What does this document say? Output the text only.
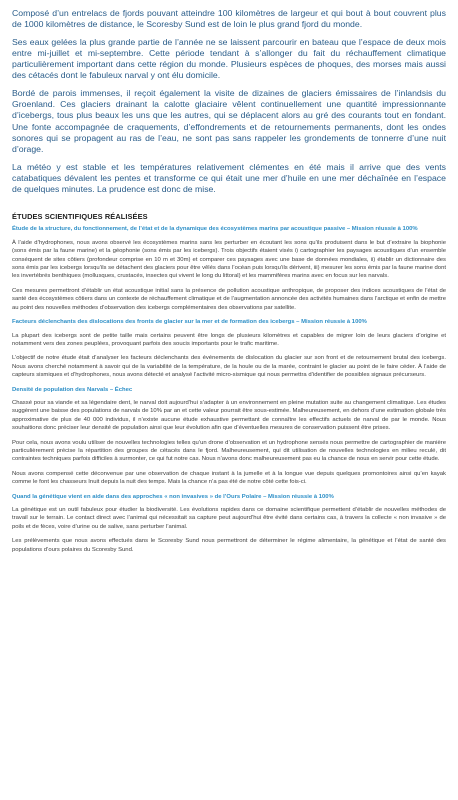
Composé d’un entrelacs de fjords pouvant atteindre 100 kilomètres de largeur et qui bout à bout couvrent plus de 1000 kilomètres de distance, le Scoresby Sund est de loin le plus grand fjord du monde.

Ses eaux gelées la plus grande partie de l’année ne se laissent parcourir en bateau que l’espace de deux mois entre mi-juillet et mi-septembre. Cette période tendant à s’allonger du fait du réchauffement climatique particulièrement important dans cette région du monde. Plusieurs espèces de phoques, des morses mais aussi des cétacés dont le fabuleux narval y ont élu domicile.

Bordé de parois immenses, il reçoit également la visite de dizaines de glaciers émissaires de l’inlandsis du Groenland. Ces glaciers drainant la calotte glaciaire vêlent continuellement une quantité impressionnante d’icebergs, tous plus beaux les uns que les autres, qui se déplacent alors au gré des courants tout en fondant. Une fonte accompagnée de craquements, d’effondrements et de retournements permanents, dont les ondes sonores qui se propagent au ras de l’eau, ne sont pas sans rappeler les grondements de tonnerre d’une nuit d’orage.

La météo y est stable et les températures relativement clémentes en été mais il arrive que des vents catabatiques dévalent les pentes et transforme ce qui était une mer d’huile en une mer déchaînée en l’espace de quelques minutes. La prudence est donc de mise.

ÉTUDES SCIENTIFIQUES RÉALISÉES
Étude de la structure, du fonctionnement, de l’état et de la dynamique des écosystèmes marins par acoustique passive – Mission réussie à 100%

À l’aide d’hydrophones, nous avons observé les écosystèmes marins sans les perturber en écoutant les sons qu’ils produisent dans le but d’extraire la biophonie (sons émis par la faune marine) et la géophonie (sons émis par les icebergs). Trois objectifs étaient visés i) cartographier les paysages acoustiques d’un ensemble conséquent de sites côtiers (profondeur comprise en 10 m et 30m) et comparer ces paysages avec une base de données mondiales, ii) établir un dictionnaire des sons émis par les icebergs lorsqu’ils se détachent des glaciers pour être vêlés dans l’océan puis lorsqu’ils dérivent, iii) mesurer les sons émis par la faune marine dont les invertébrés benthiques (mollusques, crustacés, insectes qui vivent le long du littoral) et les mammifères marins avec en focus sur les narvals.

Ces mesures permettront d’établir un état acoustique initial sans la présence de pollution acoustique anthropique, de proposer des indices acoustiques de l’état de santé des écosystèmes côtiers dans un contexte de réchauffement climatique et de l’augmentation annoncée des activités humaines dans l’arctique et enfin de mettre au point des nouvelles méthodes d’observation des icebergs complémentaires des observations par satellite.

Facteurs déclenchants des dislocations des fronts de glacier sur la mer et de formation des icebergs – Mission réussie à 100%

La plupart des icebergs sont de petite taille mais certains peuvent être longs de plusieurs kilomètres et capables de migrer loin de leurs glaciers d’origine et notamment vers des zones peuplées, provoquant parfois des soucis importants pour le trafic maritime.

L’objectif de notre étude était d’analyser les facteurs déclenchants des événements de dislocation du glacier sur son front et de retournement brutal des icebergs. Nous avons cherché notamment à savoir qui de la variabilité de la température, de la houle ou de la marée, contraint le glacier au point de le faire céder. À l’aide de capteurs sismiques et d’hydrophones, nous avons détecté et analysé l’activité micro-sismique qui nous permettra d’identifier de possibles signaux précurseurs.

Densité de population des Narvals – Échec

Chassé pour sa viande et sa légendaire dent, le narval doit aujourd’hui s’adapter à un environnement en pleine mutation suite au changement climatique. Les études suggèrent une baisse des populations de narvals de 10% par an et cette valeur pourrait être sous-estimée. Malheureusement, en dehors d’une estimation globale très approximative de plus de 40 000 individus, il n’existe aucune étude exhaustive permettant de connaître les effectifs actuels de narval de par le monde. Nous souhaitions donc préciser leur densité de population ainsi que leur évolution afin que d’éventuelles mesures de conservation puissent être prises.

Pour cela, nous avons voulu utiliser de nouvelles technologies telles qu’un drone d’observation et un hydrophone sensés nous permettre de cartographier de manière particulièrement précise la répartition des groupes de cétacés dans le fjord. Malheureusement, qui dit utilisation de nouvelles technologies en milieu reculé, dit contraintes techniques parfois difficiles à surmonter, ce qui fut notre cas. Nous n’avons donc malheureusement pas eu la chance de nous en servir pour cette étude.

Nous avons compensé cette déconvenue par une observation de chaque instant à la jumelle et à la longue vue depuis quelques promontoires ainsi qu’en kayak comme le font les chasseurs Inuit depuis la nuit des temps. Mais la chance n’a pas été de notre côté cette fois-ci.

Quand la génétique vient en aide dans des approches « non invasives » de l’Ours Polaire – Mission réussie à 100%

La génétique est un outil fabuleux pour étudier la biodiversité. Les évolutions rapides dans ce domaine scientifique permettent d’établir de nouvelles méthodes de travail sur le terrain. Le contact direct avec l’animal qui nécessitait sa capture peut aujourd’hui être évité dans certains cas, à travers la collecte « non invasive » de poils et de fèces, voire d’urine ou de salive, sans perturber l’animal.

Les prélèvements que nous avons effectués dans le Scoresby Sund nous permettront de déterminer le régime alimentaire, la génétique et l’état de santé des populations d’ours polaires du Scoresby Sund.
